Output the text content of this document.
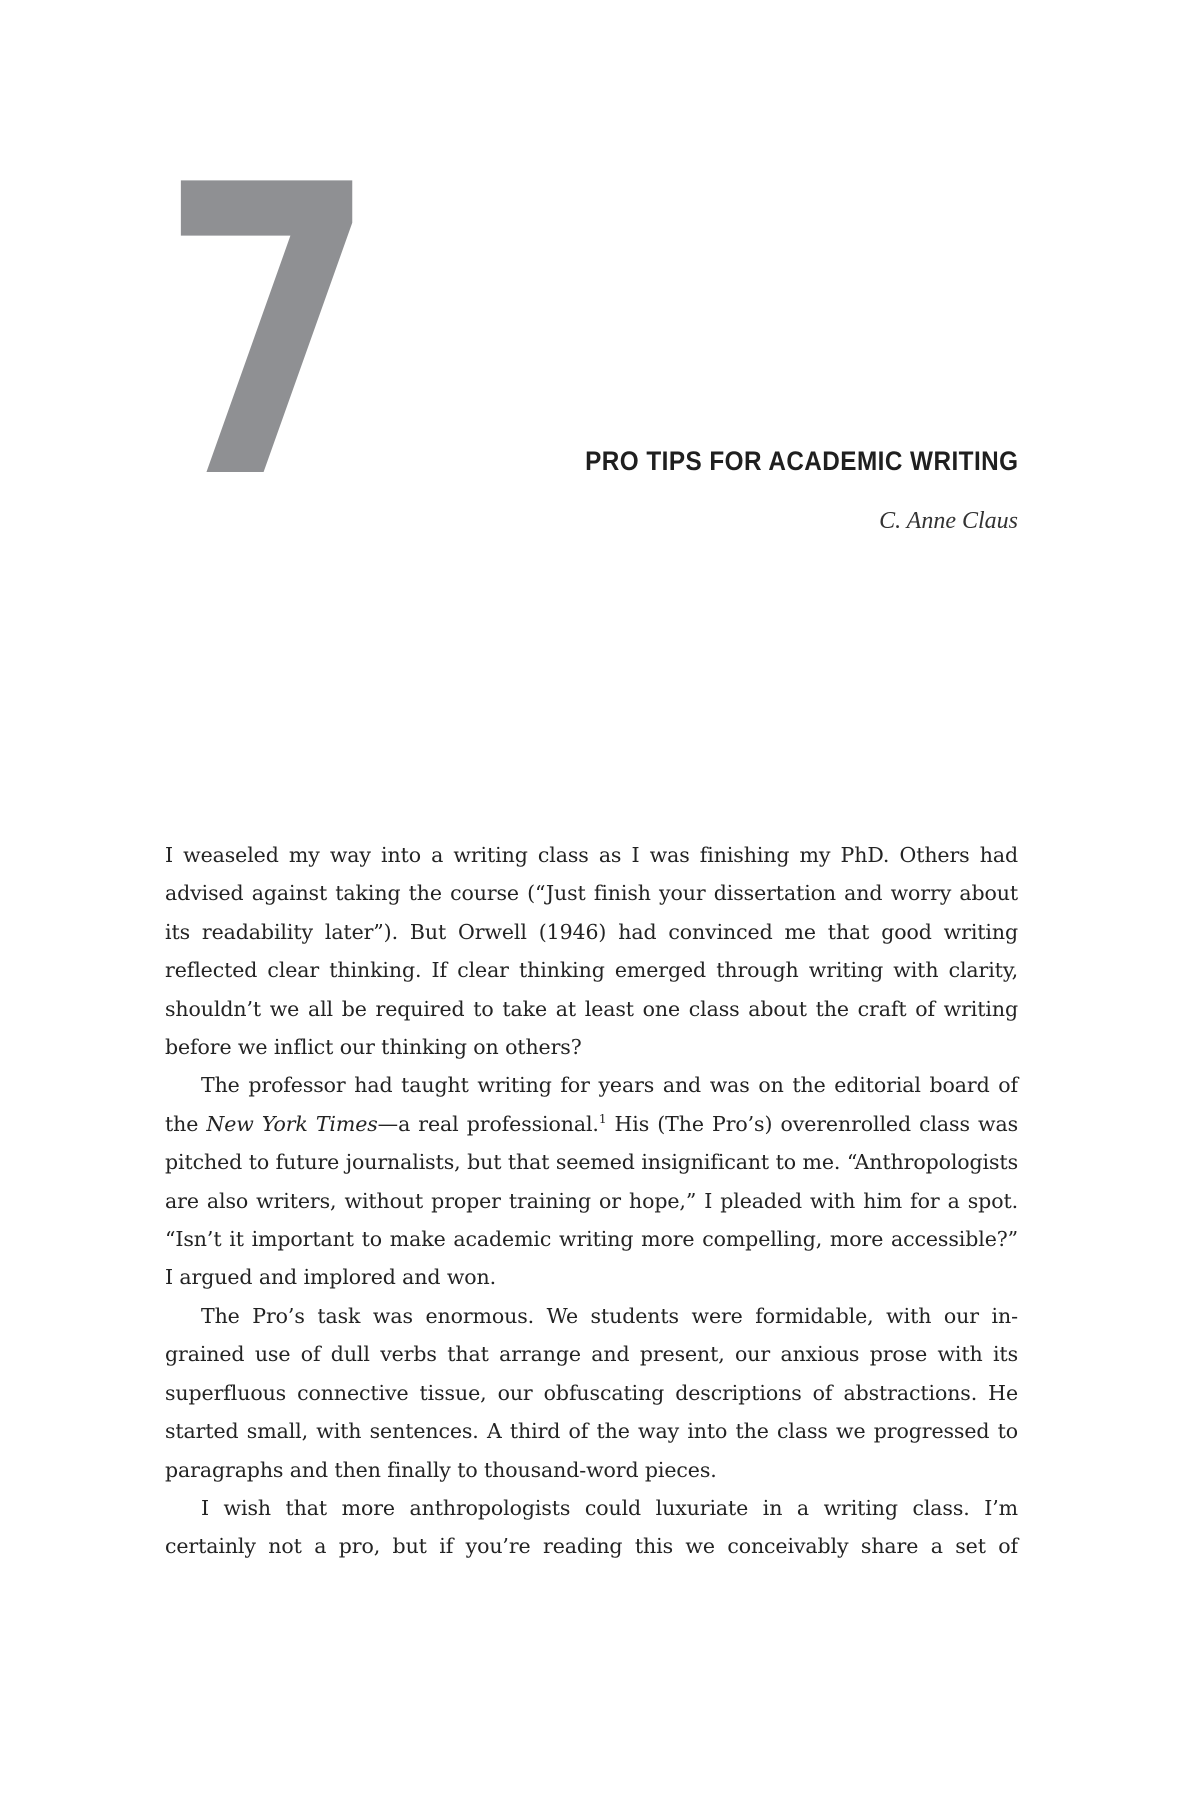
7	PRO TIPS FOR ACADEMIC WRITING
C. Anne Claus

I weaseled my way into a writing class as I was finishing my PhD. Others had advised against taking the course (“Just finish your dissertation and worry about its readability later”). But Orwell (1946) had convinced me that good writing reflected clear thinking. If clear thinking emerged through writing with clarity, shouldn’t we all be required to take at least one class about the craft of writing before we inflict our thinking on others?

The professor had taught writing for years and was on the editorial board of the New York Times—a real professional.$^1$ His (The Pro’s) overenrolled class was pitched to future journalists, but that seemed insignificant to me. “Anthropologists are also writers, without proper training or hope,” I pleaded with him for a spot. “Isn’t it important to make academic writing more compelling, more accessible?” I argued and implored and won.

The Pro’s task was enormous. We students were formidable, with our ingrained use of dull verbs that arrange and present, our anxious prose with its superfluous connective tissue, our obfuscating descriptions of abstractions. He started small, with sentences. A third of the way into the class we progressed to paragraphs and then finally to thousand-word pieces.

I wish that more anthropologists could luxuriate in a writing class. I’m certainly not a pro, but if you’re reading this we conceivably share a set of
